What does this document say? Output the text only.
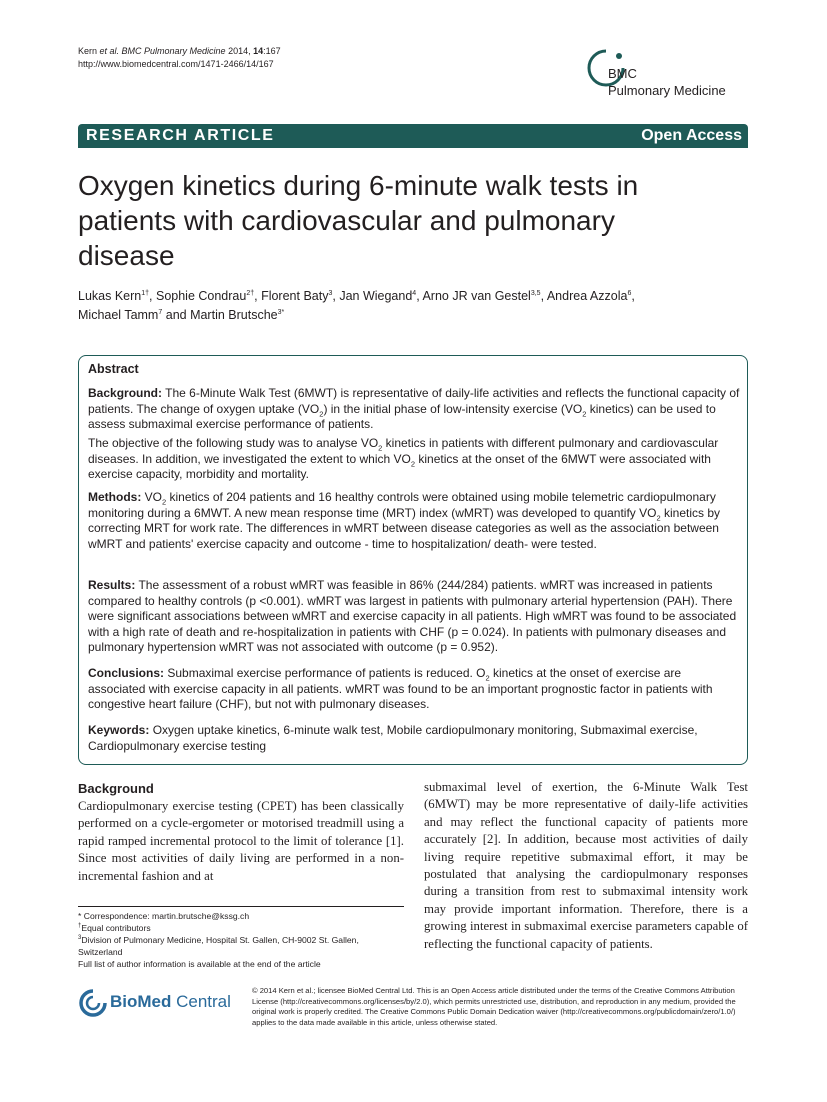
Kern et al. BMC Pulmonary Medicine 2014, 14:167
http://www.biomedcentral.com/1471-2466/14/167
BMC
Pulmonary Medicine
RESEARCH ARTICLE	Open Access
Oxygen kinetics during 6-minute walk tests in
patients with cardiovascular and pulmonary
disease
Lukas Kern$^{1\dagger}$, Sophie Condrau$^{2\dagger}$, Florent Baty$^3$, Jan Wiegand$^4$, Arno JR van Gestel$^{3,5}$, Andrea Azzola$^6$,
Michael Tamm$^7$ and Martin Brutsche$^{3*}$
Abstract
Background: The 6-Minute Walk Test (6MWT) is representative of daily-life activities and reflects the functional capacity of patients. The change of oxygen uptake $(VO_2)$ in the initial phase of low-intensity exercise ($VO_2$ kinetics) can be used to assess submaximal exercise performance of patients.
The objective of the following study was to analyse $VO_2$ kinetics in patients with different pulmonary and cardiovascular diseases. In addition, we investigated the extent to which $VO_2$ kinetics at the onset of the 6MWT were associated with exercise capacity, morbidity and mortality.
Methods: $VO_2$ kinetics of 204 patients and 16 healthy controls were obtained using mobile telemetric cardiopulmonary monitoring during a 6MWT. A new mean response time (MRT) index (wMRT) was developed to quantify $VO_2$ kinetics by correcting MRT for work rate. The differences in wMRT between disease categories as well as the association between wMRT and patients' exercise capacity and outcome - time to hospitalization/ death- were tested.
Results: The assessment of a robust wMRT was feasible in 86% (244/284) patients. wMRT was increased in patients compared to healthy controls (p <0.001). wMRT was largest in patients with pulmonary arterial hypertension (PAH). There were significant associations between wMRT and exercise capacity in all patients. High wMRT was found to be associated with a high rate of death and re-hospitalization in patients with CHF (p = 0.024). In patients with pulmonary diseases and pulmonary hypertension wMRT was not associated with outcome (p = 0.952).
Conclusions: Submaximal exercise performance of patients is reduced. $O_2$ kinetics at the onset of exercise are associated with exercise capacity in all patients. wMRT was found to be an important prognostic factor in patients with congestive heart failure (CHF), but not with pulmonary diseases.
Keywords: Oxygen uptake kinetics, 6-minute walk test, Mobile cardiopulmonary monitoring, Submaximal exercise, Cardiopulmonary exercise testing
Background
Cardiopulmonary exercise testing (CPET) has been classically performed on a cycle-ergometer or motorised treadmill using a rapid ramped incremental protocol to the limit of tolerance [1]. Since most activities of daily living are performed in a non-incremental fashion and at
submaximal level of exertion, the 6-Minute Walk Test (6MWT) may be more representative of daily-life activities and may reflect the functional capacity of patients more accurately [2]. In addition, because most activities of daily living require repetitive submaximal effort, it may be postulated that analysing the cardiopulmonary responses during a transition from rest to submaximal intensity work may provide important information. Therefore, there is a growing interest in submaximal exercise parameters capable of reflecting the functional capacity of patients.
* Correspondence: martin.brutsche@kssg.ch
†Equal contributors
$^3$Division of Pulmonary Medicine, Hospital St. Gallen, CH-9002 St. Gallen, Switzerland
Full list of author information is available at the end of the article
BioMed Central
© 2014 Kern et al.; licensee BioMed Central Ltd. This is an Open Access article distributed under the terms of the Creative Commons Attribution License (http://creativecommons.org/licenses/by/2.0), which permits unrestricted use, distribution, and reproduction in any medium, provided the original work is properly credited. The Creative Commons Public Domain Dedication waiver (http://creativecommons.org/publicdomain/zero/1.0/) applies to the data made available in this article, unless otherwise stated.
